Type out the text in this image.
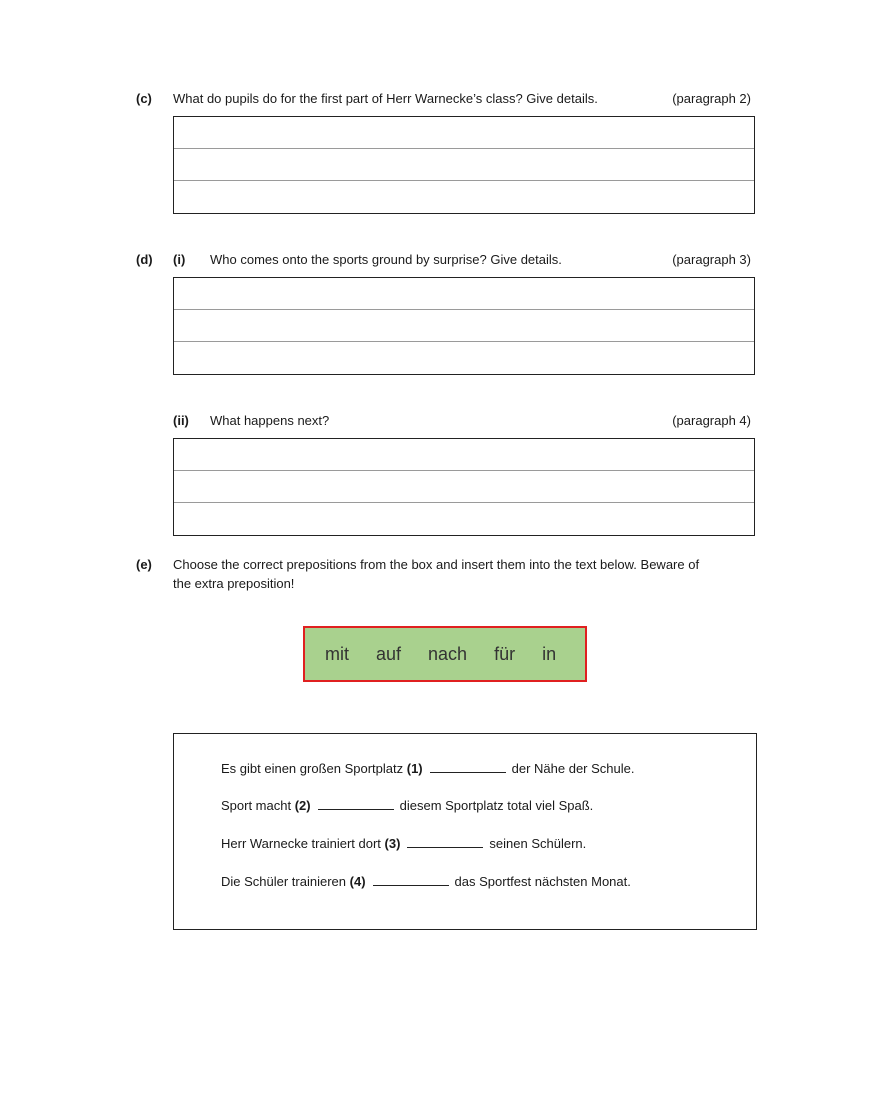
(c) What do pupils do for the first part of Herr Warnecke’s class? Give details.	(paragraph 2)
(d) (i) Who comes onto the sports ground by surprise? Give details.	(paragraph 3)
(ii) What happens next?	(paragraph 4)
(e) Choose the correct prepositions from the box and insert them into the text below. Beware of
the extra preposition!
mit auf nach für in
Es gibt einen großen Sportplatz (1)	der Nähe der Schule.
Sport macht (2)	diesem Sportplatz total viel Spaß.
Herr Warnecke trainiert dort (3)	seinen Schülern.
Die Schüler trainieren (4)	das Sportfest nächsten Monat.
